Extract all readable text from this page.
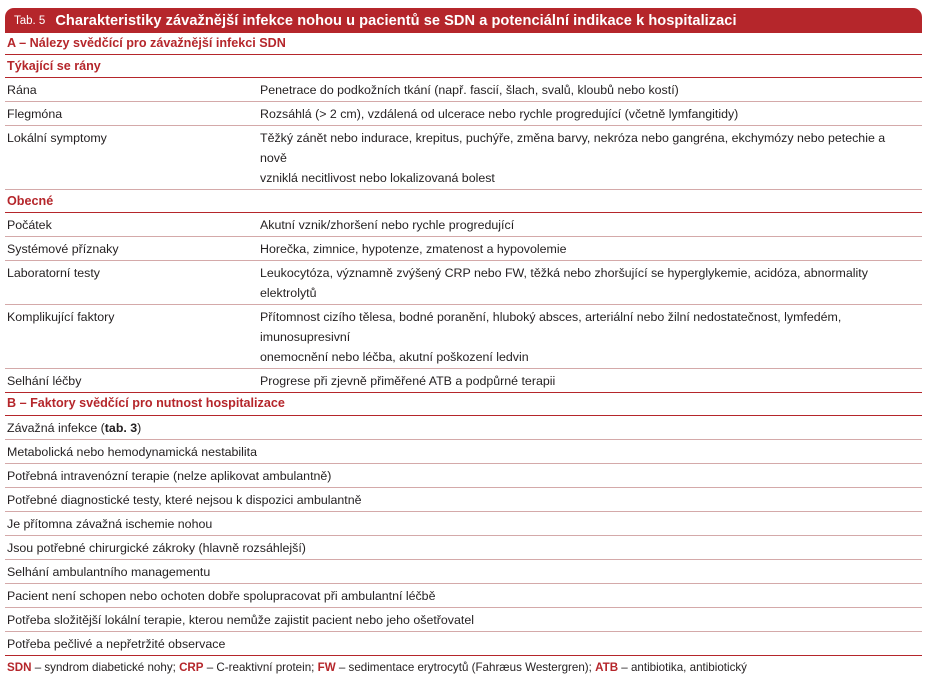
Tab. 5 Charakteristiky závažnější infekce nohou u pacientů se SDN a potenciální indikace k hospitalizaci
A – Nálezy svědčící pro závažnější infekci SDN
Týkající se rány
Rána	Penetrace do podkožních tkání (např. fascií, šlach, svalů, kloubů nebo kostí)
Flegmóna	Rozsáhlá (> 2 cm), vzdálená od ulcerace nebo rychle progredující (včetně lymfangitidy)
Lokální symptomy	Těžký zánět nebo indurace, krepitus, puchýře, změna barvy, nekróza nebo gangréna, ekchymózy nebo petechie a nově
vzniklá necitlivost nebo lokalizovaná bolest
Obecné
Počátek	Akutní vznik/zhoršení nebo rychle progredující
Systémové příznaky	Horečka, zimnice, hypotenze, zmatenost a hypovolemie
Laboratorní testy	Leukocytóza, významně zvýšený CRP nebo FW, těžká nebo zhoršující se hyperglykemie, acidóza, abnormality elektrolytů
Komplikující faktory	Přítomnost cizího tělesa, bodné poranění, hluboký absces, arteriální nebo žilní nedostatečnost, lymfedém, imunosupresivní
onemocnění nebo léčba, akutní poškození ledvin
Selhání léčby	Progrese při zjevně přiměřené ATB a podpůrné terapii
B – Faktory svědčící pro nutnost hospitalizace
Závažná infekce (tab. 3)
Metabolická nebo hemodynamická nestabilita
Potřebná intravenózní terapie (nelze aplikovat ambulantně)
Potřebné diagnostické testy, které nejsou k dispozici ambulantně
Je přítomna závažná ischemie nohou
Jsou potřebné chirurgické zákroky (hlavně rozsáhlejší)
Selhání ambulantního managementu
Pacient není schopen nebo ochoten dobře spolupracovat při ambulantní léčbě
Potřeba složitější lokální terapie, kterou nemůže zajistit pacient nebo jeho ošetřovatel
Potřeba pečlivé a nepřetržité observace
SDN – syndrom diabetické nohy; CRP – C-reaktivní protein; FW – sedimentace erytrocytů (Fahræus Westergren); ATB – antibiotika, antibiotický
